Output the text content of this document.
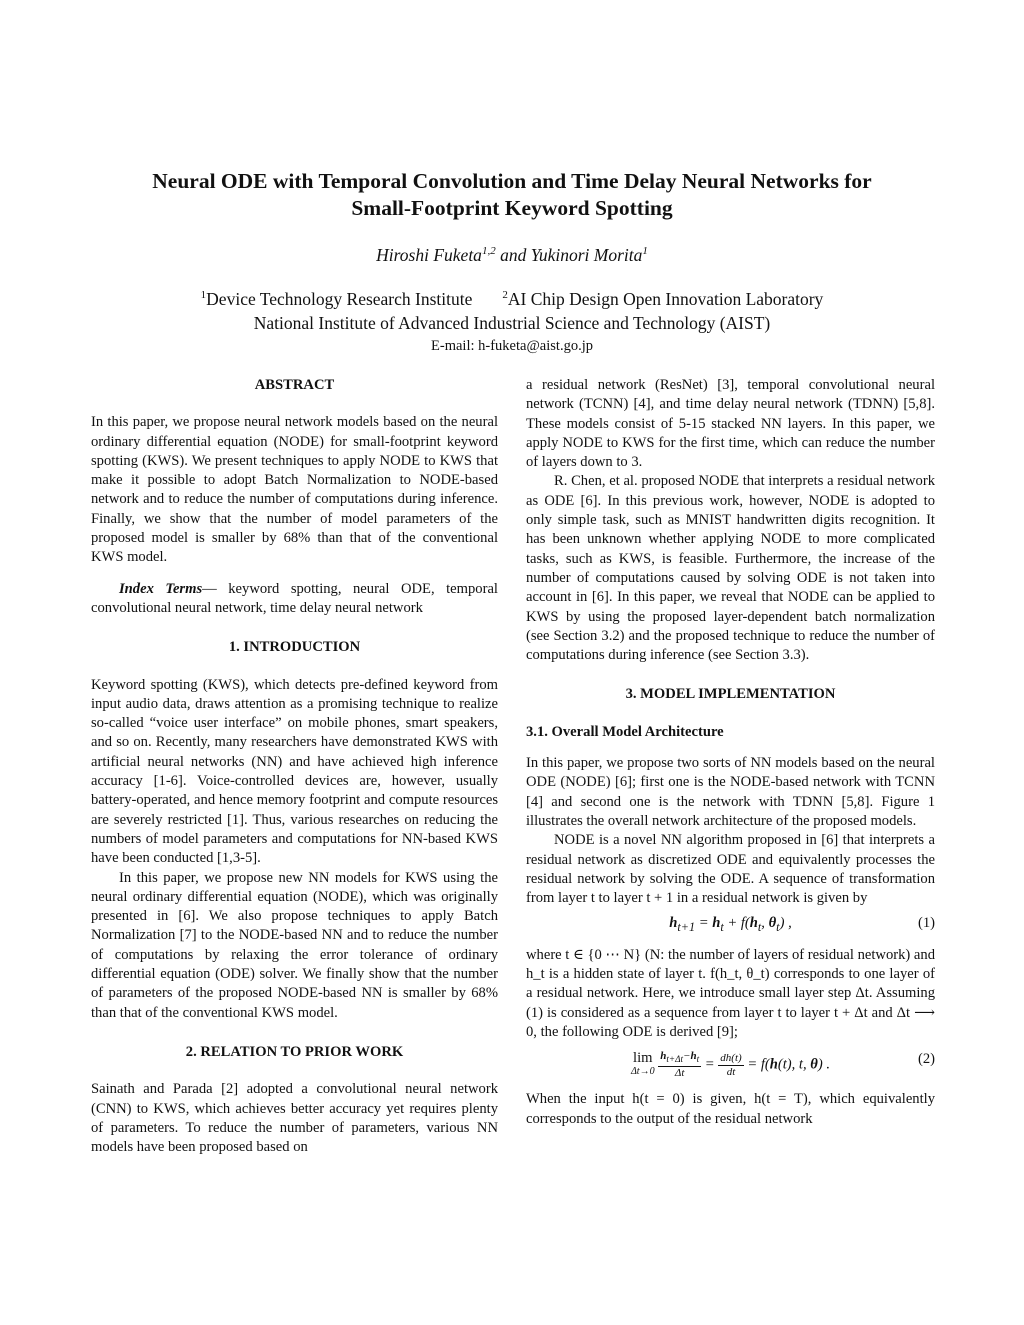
Neural ODE with Temporal Convolution and Time Delay Neural Networks for
Small-Footprint Keyword Spotting
Hiroshi Fuketa$^{1,2}$ and Yukinori Morita$^1$
$^1$Device Technology Research Institute	$^2$AI Chip Design Open Innovation Laboratory
National Institute of Advanced Industrial Science and Technology (AIST)
E-mail: h-fuketa@aist.go.jp
ABSTRACT

In this paper, we propose neural network models based on the neural ordinary differential equation (NODE) for small-footprint keyword spotting (KWS). We present techniques to apply NODE to KWS that make it possible to adopt Batch Normalization to NODE-based network and to reduce the number of computations during inference. Finally, we show that the number of model parameters of the proposed model is smaller by 68% than that of the conventional KWS model.

Index Terms— keyword spotting, neural ODE, temporal convolutional neural network, time delay neural network

1. INTRODUCTION

Keyword spotting (KWS), which detects pre-defined keyword from input audio data, draws attention as a promising technique to realize so-called “voice user interface” on mobile phones, smart speakers, and so on. Recently, many researchers have demonstrated KWS with artificial neural networks (NN) and have achieved high inference accuracy [1-6]. Voice-controlled devices are, however, usually battery-operated, and hence memory footprint and compute resources are severely restricted [1]. Thus, various researches on reducing the numbers of model parameters and computations for NN-based KWS have been conducted [1,3-5].

In this paper, we propose new NN models for KWS using the neural ordinary differential equation (NODE), which was originally presented in [6]. We also propose techniques to apply Batch Normalization [7] to the NODE-based NN and to reduce the number of computations by relaxing the error tolerance of ordinary differential equation (ODE) solver. We finally show that the number of parameters of the proposed NODE-based NN is smaller by 68% than that of the conventional KWS model.

2. RELATION TO PRIOR WORK

Sainath and Parada [2] adopted a convolutional neural network (CNN) to KWS, which achieves better accuracy yet requires plenty of parameters. To reduce the number of parameters, various NN models have been proposed based on

a residual network (ResNet) [3], temporal convolutional neural network (TCNN) [4], and time delay neural network (TDNN) [5,8]. These models consist of 5-15 stacked NN layers. In this paper, we apply NODE to KWS for the first time, which can reduce the number of layers down to 3.

R. Chen, et al. proposed NODE that interprets a residual network as ODE [6]. In this previous work, however, NODE is adopted to only simple task, such as MNIST handwritten digits recognition. It has been unknown whether applying NODE to more complicated tasks, such as KWS, is feasible. Furthermore, the increase of the number of computations caused by solving ODE is not taken into account in [6]. In this paper, we reveal that NODE can be applied to KWS by using the proposed layer-dependent batch normalization (see Section 3.2) and the proposed technique to reduce the number of computations during inference (see Section 3.3).

3. MODEL IMPLEMENTATION
3.1. Overall Model Architecture

In this paper, we propose two sorts of NN models based on the neural ODE (NODE) [6]; first one is the NODE-based network with TCNN [4] and second one is the network with TDNN [5,8]. Figure 1 illustrates the overall network architecture of the proposed models.

NODE is a novel NN algorithm proposed in [6] that interprets a residual network as discretized ODE and equivalently processes the residual network by solving the ODE. A sequence of transformation from layer t to layer t + 1 in a residual network is given by

$h_{t+1} = h_t + f(h_t$, $\theta_t$) ,	(1)

where t ∈ {0 ⋯ N} (N: the number of layers of residual network) and h_t is a hidden state of layer t. f(h_t, θ_t) corresponds to one layer of a residual network. Here, we introduce small layer step Δt. Assuming (1) is considered as a sequence from layer t to layer t + Δt and Δt ⟶ 0, the following ODE is derived [9];

lim
Δt→0
$\frac{h_{t+\Delta t}-h_t}{\Delta t} = \frac{dh(t)}{dt} = f(h(t)$, t, θ) .	(2)

When the input h(t = 0) is given, h(t = T), which equivalently corresponds to the output of the residual network
